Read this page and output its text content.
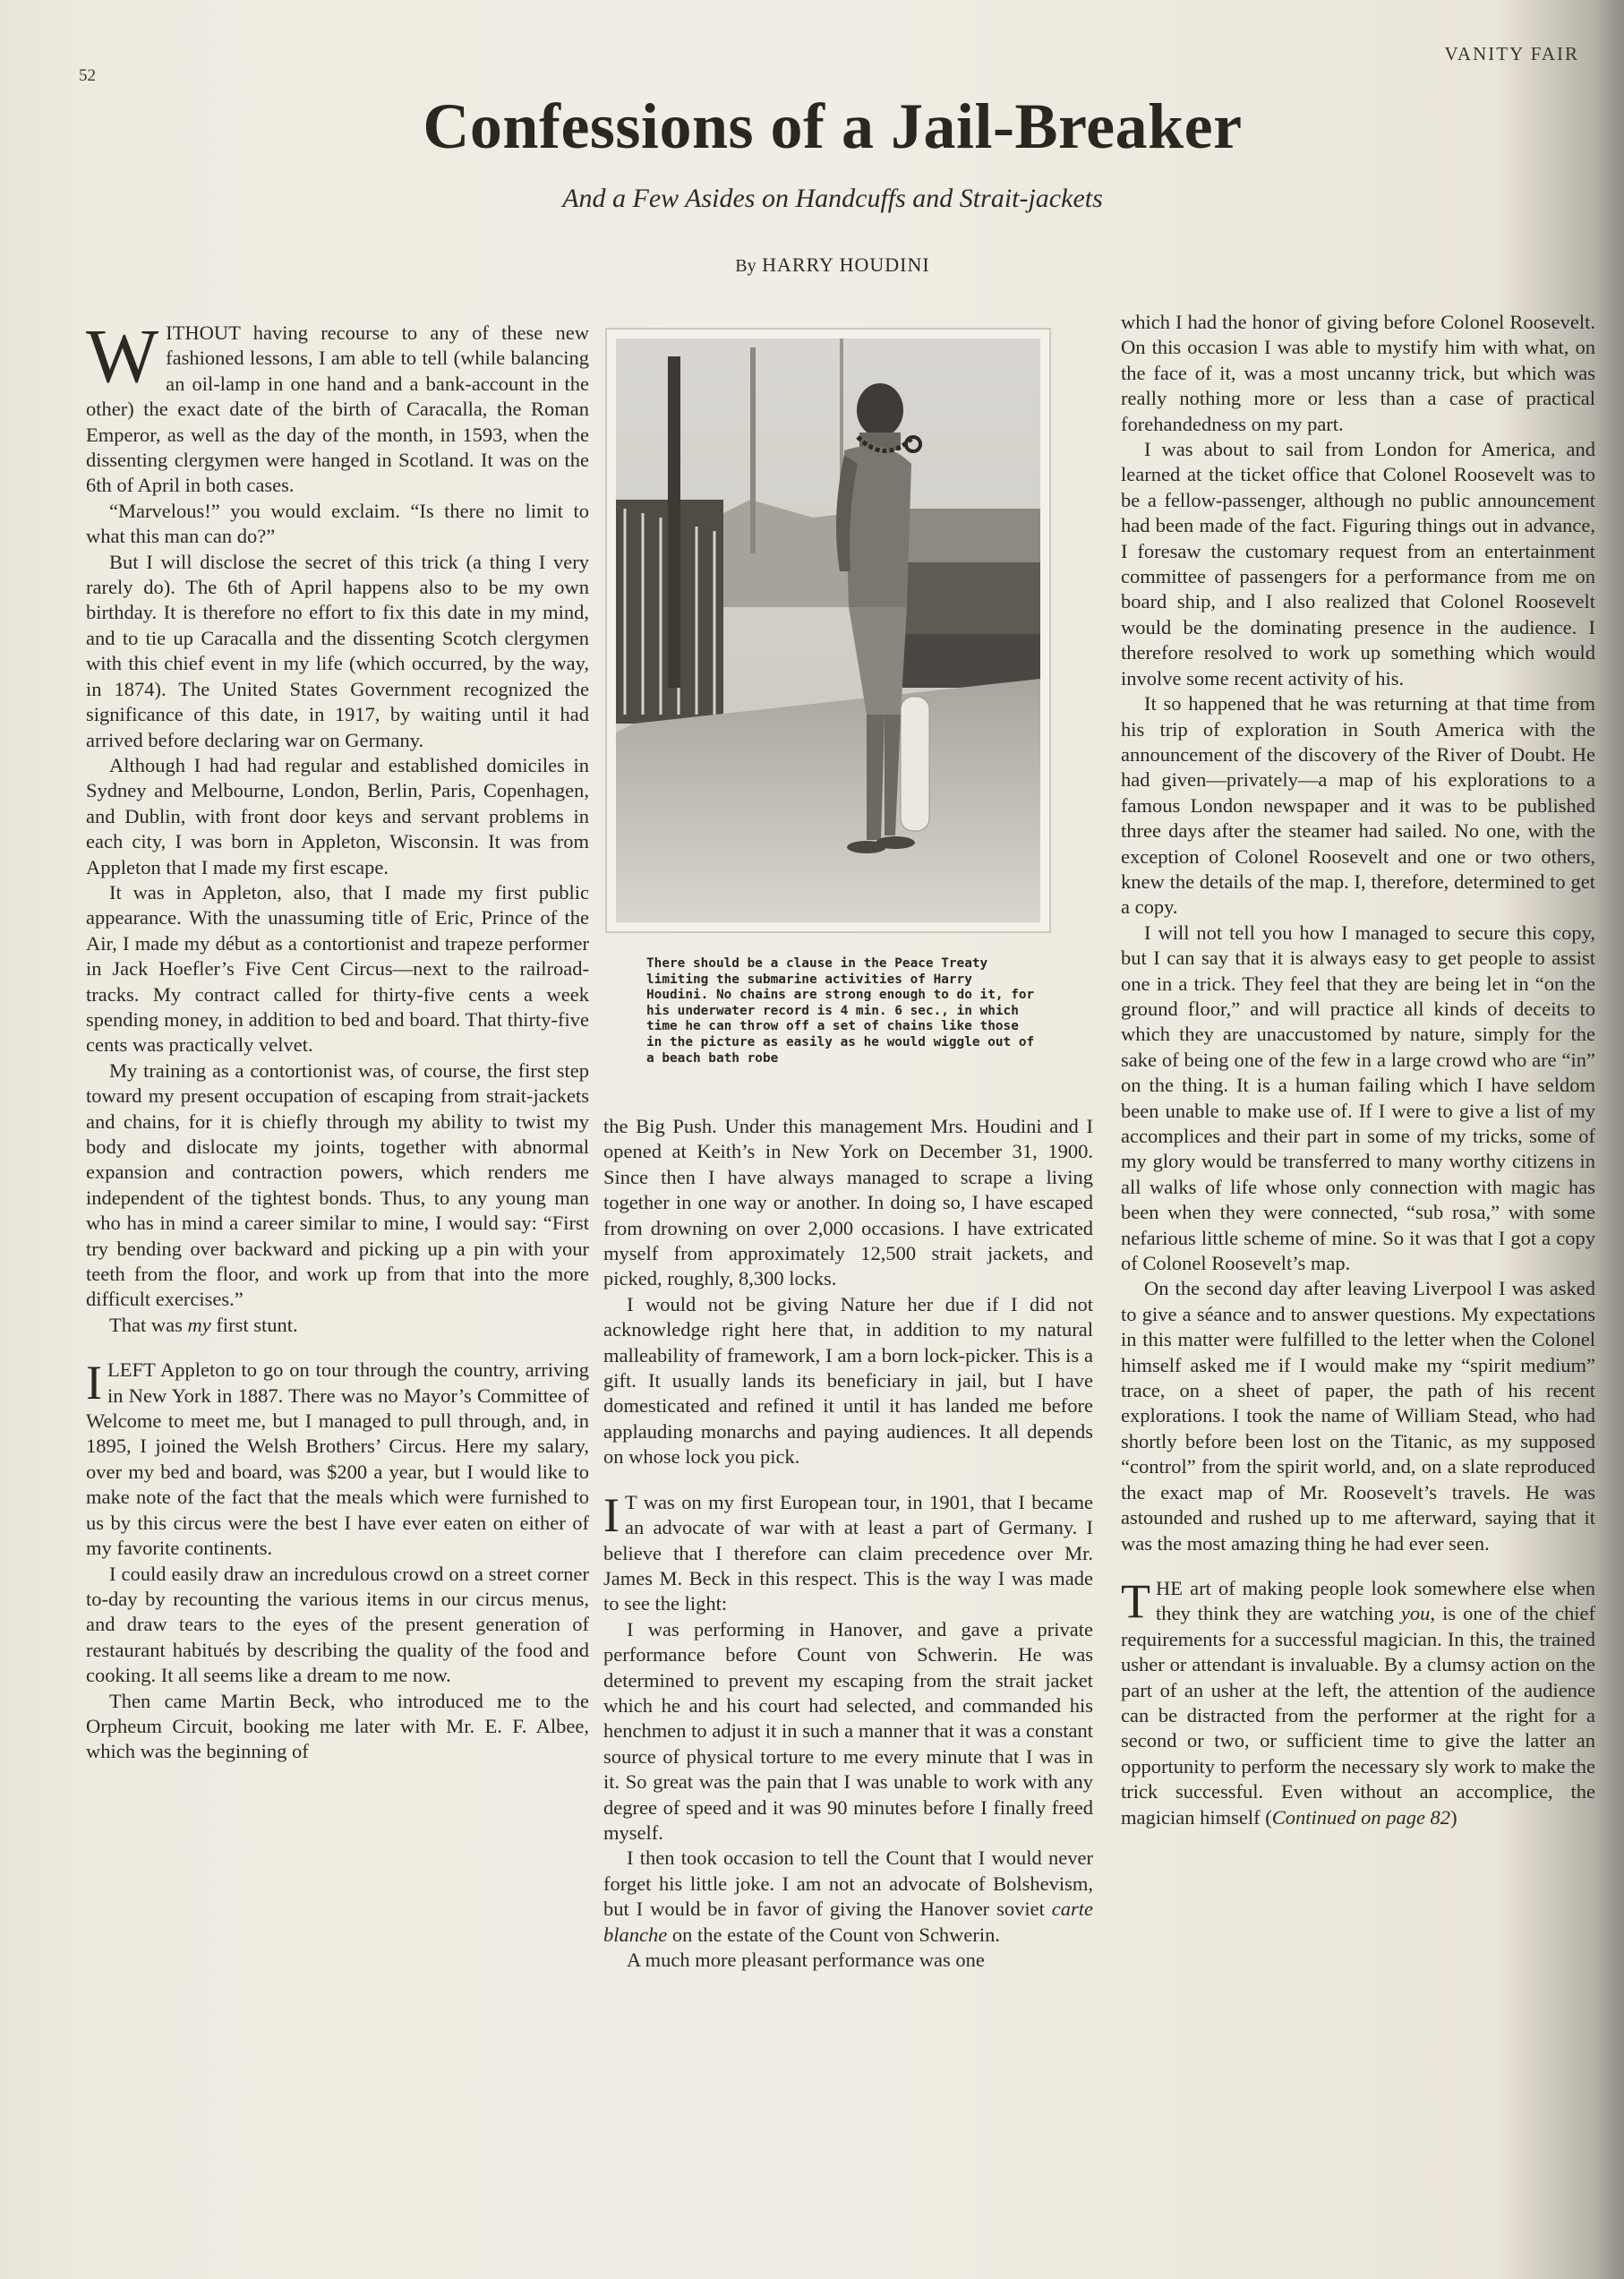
52
VANITY FAIR
Confessions of a Jail-Breaker
And a Few Asides on Handcuffs and Strait-jackets
By HARRY HOUDINI

WITHOUT having recourse to any of these new fashioned lessons, I am able to tell (while balancing an oil-lamp in one hand and a bank-account in the other) the exact date of the birth of Caracalla, the Roman Emperor, as well as the day of the month, in 1593, when the dissenting clergymen were hanged in Scotland. It was on the 6th of April in both cases.

“Marvelous!” you would exclaim. “Is there no limit to what this man can do?”

But I will disclose the secret of this trick (a thing I very rarely do). The 6th of April happens also to be my own birthday. It is therefore no effort to fix this date in my mind, and to tie up Caracalla and the dissenting Scotch clergymen with this chief event in my life (which occurred, by the way, in 1874). The United States Government recognized the significance of this date, in 1917, by waiting until it had arrived before declaring war on Germany.

Although I had had regular and established domiciles in Sydney and Melbourne, London, Berlin, Paris, Copenhagen, and Dublin, with front door keys and servant problems in each city, I was born in Appleton, Wisconsin. It was from Appleton that I made my first escape.

It was in Appleton, also, that I made my first public appearance. With the unassuming title of Eric, Prince of the Air, I made my début as a contortionist and trapeze performer in Jack Hoefler’s Five Cent Circus—next to the railroad-tracks. My contract called for thirty-five cents a week spending money, in addition to bed and board. That thirty-five cents was practically velvet.

My training as a contortionist was, of course, the first step toward my present occupation of escaping from strait-jackets and chains, for it is chiefly through my ability to twist my body and dislocate my joints, together with abnormal expansion and contraction powers, which renders me independent of the tightest bonds. Thus, to any young man who has in mind a career similar to mine, I would say: “First try bending over backward and picking up a pin with your teeth from the floor, and work up from that into the more difficult exercises.”

That was my first stunt.

ILEFT Appleton to go on tour through the country, arriving in New York in 1887. There was no Mayor’s Committee of Welcome to meet me, but I managed to pull through, and, in 1895, I joined the Welsh Brothers’ Circus. Here my salary, over my bed and board, was $200 a year, but I would like to make note of the fact that the meals which were furnished to us by this circus were the best I have ever eaten on either of my favorite continents.

I could easily draw an incredulous crowd on a street corner to-day by recounting the various items in our circus menus, and draw tears to the eyes of the present generation of restaurant habitués by describing the quality of the food and cooking. It all seems like a dream to me now.

Then came Martin Beck, who introduced me to the Orpheum Circuit, booking me later with Mr. E. F. Albee, which was the beginning of

There should be a clause in the Peace Treaty limiting the submarine activities of Harry Houdini. No chains are strong enough to do it, for his underwater record is 4 min. 6 sec., in which time he can throw off a set of chains like those in the picture as easily as he would wiggle out of a beach bath robe

the Big Push. Under this management Mrs. Houdini and I opened at Keith’s in New York on December 31, 1900. Since then I have always managed to scrape a living together in one way or another. In doing so, I have escaped from drowning on over 2,000 occasions. I have extricated myself from approximately 12,500 strait jackets, and picked, roughly, 8,300 locks.

I would not be giving Nature her due if I did not acknowledge right here that, in addition to my natural malleability of framework, I am a born lock-picker. This is a gift. It usually lands its beneficiary in jail, but I have domesticated and refined it until it has landed me before applauding monarchs and paying audiences. It all depends on whose lock you pick.

I T was on my first European tour, in 1901, that I became an advocate of war with at least a part of Germany. I believe that I therefore can claim precedence over Mr. James M. Beck in this respect. This is the way I was made to see the light:

I was performing in Hanover, and gave a private performance before Count von Schwerin. He was determined to prevent my escaping from the strait jacket which he and his court had selected, and commanded his henchmen to adjust it in such a manner that it was a constant source of physical torture to me every minute that I was in it. So great was the pain that I was unable to work with any degree of speed and it was 90 minutes before I finally freed myself.

I then took occasion to tell the Count that I would never forget his little joke. I am not an advocate of Bolshevism, but I would be in favor of giving the Hanover soviet carte blanche on the estate of the Count von Schwerin.

A much more pleasant performance was one

which I had the honor of giving before Colonel Roosevelt. On this occasion I was able to mystify him with what, on the face of it, was a most uncanny trick, but which was really nothing more or less than a case of practical forehandedness on my part.

I was about to sail from London for America, and learned at the ticket office that Colonel Roosevelt was to be a fellow-passenger, although no public announcement had been made of the fact. Figuring things out in advance, I foresaw the customary request from an entertainment committee of passengers for a performance from me on board ship, and I also realized that Colonel Roosevelt would be the dominating presence in the audience. I therefore resolved to work up something which would involve some recent activity of his.

It so happened that he was returning at that time from his trip of exploration in South America with the announcement of the discovery of the River of Doubt. He had given—privately—a map of his explorations to a famous London newspaper and it was to be published three days after the steamer had sailed. No one, with the exception of Colonel Roosevelt and one or two others, knew the details of the map. I, therefore, determined to get a copy.

I will not tell you how I managed to secure this copy, but I can say that it is always easy to get people to assist one in a trick. They feel that they are being let in “on the ground floor,” and will practice all kinds of deceits to which they are unaccustomed by nature, simply for the sake of being one of the few in a large crowd who are “in” on the thing. It is a human failing which I have seldom been unable to make use of. If I were to give a list of my accomplices and their part in some of my tricks, some of my glory would be transferred to many worthy citizens in all walks of life whose only connection with magic has been when they were connected, “sub rosa,” with some nefarious little scheme of mine. So it was that I got a copy of Colonel Roosevelt’s map.

On the second day after leaving Liverpool I was asked to give a séance and to answer questions. My expectations in this matter were fulfilled to the letter when the Colonel himself asked me if I would make my “spirit medium” trace, on a sheet of paper, the path of his recent explorations. I took the name of William Stead, who had shortly before been lost on the Titanic, as my supposed “control” from the spirit world, and, on a slate reproduced the exact map of Mr. Roosevelt’s travels. He was astounded and rushed up to me afterward, saying that it was the most amazing thing he had ever seen.

THE art of making people look somewhere else when they think they are watching you, is one of the chief requirements for a successful magician. In this, the trained usher or attendant is invaluable. By a clumsy action on the part of an usher at the left, the attention of the audience can be distracted from the performer at the right for a second or two, or sufficient time to give the latter an opportunity to perform the necessary sly work to make the trick successful. Even without an accomplice, the magician himself (Continued on page 82)
